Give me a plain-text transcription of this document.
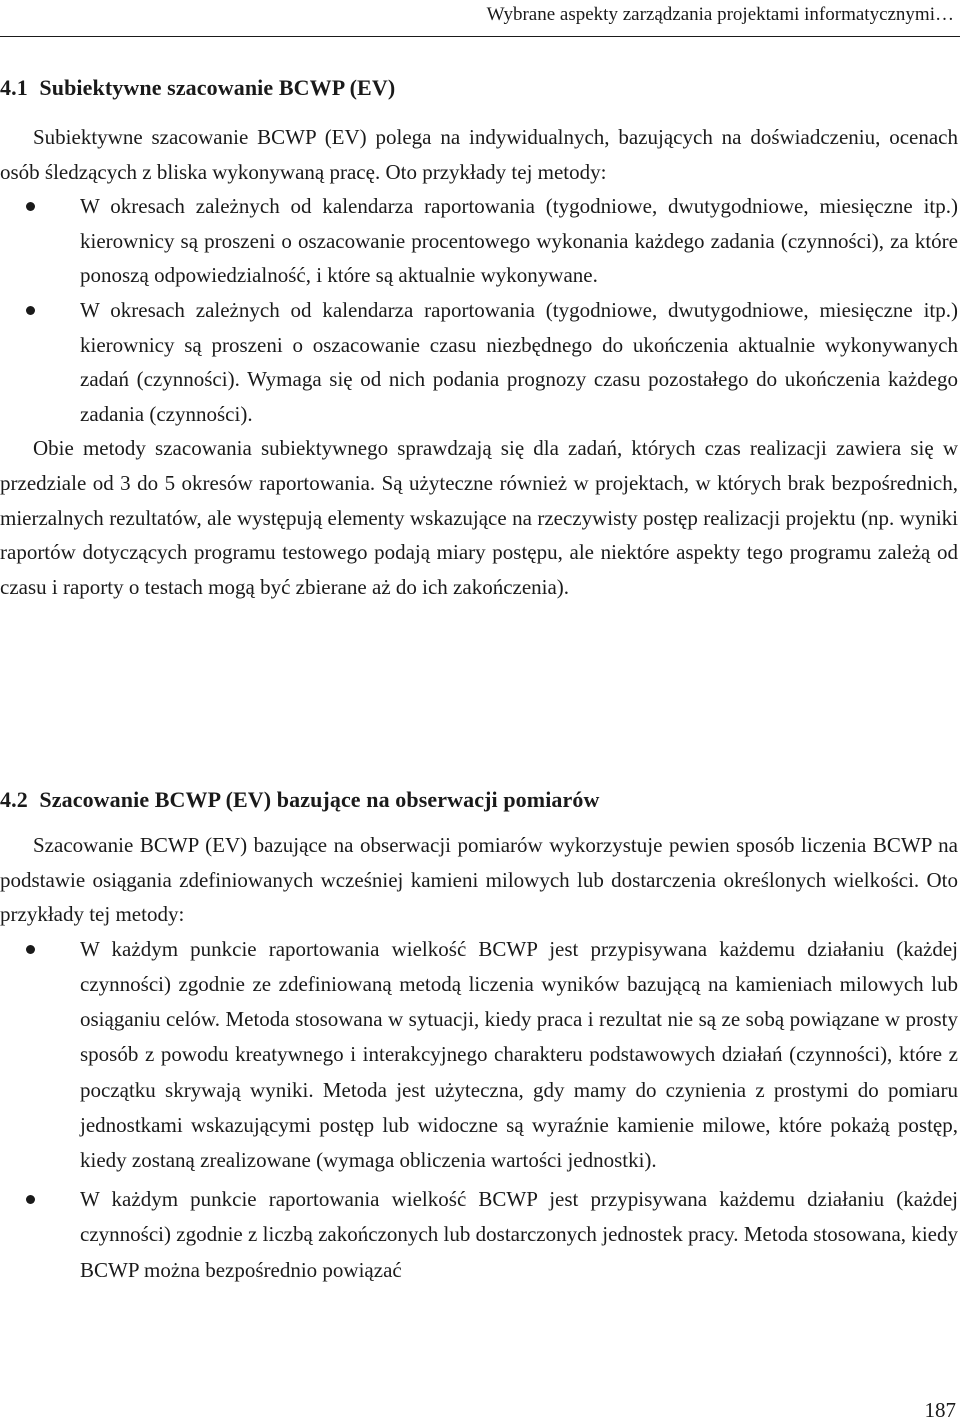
Wybrane aspekty zarządzania projektami informatycznymi…
4.1 Subiektywne szacowanie BCWP (EV)

Subiektywne szacowanie BCWP (EV) polega na indywidualnych, bazujących na doświadczeniu, ocenach osób śledzących z bliska wykonywaną pracę. Oto przykłady tej metody:

W okresach zależnych od kalendarza raportowania (tygodniowe, dwutygodniowe, miesięczne itp.) kierownicy są proszeni o oszacowanie procentowego wykonania każdego zadania (czynności), za które ponoszą odpowiedzialność, i które są aktualnie wykonywane.
W okresach zależnych od kalendarza raportowania (tygodniowe, dwutygodniowe, miesięczne itp.) kierownicy są proszeni o oszacowanie czasu niezbędnego do ukończenia aktualnie wykonywanych zadań (czynności). Wymaga się od nich podania prognozy czasu pozostałego do ukończenia każdego zadania (czynności).

Obie metody szacowania subiektywnego sprawdzają się dla zadań, których czas realizacji zawiera się w przedziale od 3 do 5 okresów raportowania. Są użyteczne również w projektach, w których brak bezpośrednich, mierzalnych rezultatów, ale występują elementy wskazujące na rzeczywisty postęp realizacji projektu (np. wyniki raportów dotyczących programu testowego podają miary postępu, ale niektóre aspekty tego programu zależą od czasu i raporty o testach mogą być zbierane aż do ich zakończenia).

4.2 Szacowanie BCWP (EV) bazujące na obserwacji pomiarów

Szacowanie BCWP (EV) bazujące na obserwacji pomiarów wykorzystuje pewien sposób liczenia BCWP na podstawie osiągania zdefiniowanych wcześniej kamieni milowych lub dostarczenia określonych wielkości. Oto przykłady tej metody:

W każdym punkcie raportowania wielkość BCWP jest przypisywana każdemu działaniu (każdej czynności) zgodnie ze zdefiniowaną metodą liczenia wyników bazującą na kamieniach milowych lub osiąganiu celów. Metoda stosowana w sytuacji, kiedy praca i rezultat nie są ze sobą powiązane w prosty sposób z powodu kreatywnego i interakcyjnego charakteru podstawowych działań (czynności), które z początku skrywają wyniki. Metoda jest użyteczna, gdy mamy do czynienia z prostymi do pomiaru jednostkami wskazującymi postęp lub widoczne są wyraźnie kamienie milowe, które pokażą postęp, kiedy zostaną zrealizowane (wymaga obliczenia wartości jednostki).
W każdym punkcie raportowania wielkość BCWP jest przypisywana każdemu działaniu (każdej czynności) zgodnie z liczbą zakończonych lub dostarczonych jednostek pracy. Metoda stosowana, kiedy BCWP można bezpośrednio powiązać
187
